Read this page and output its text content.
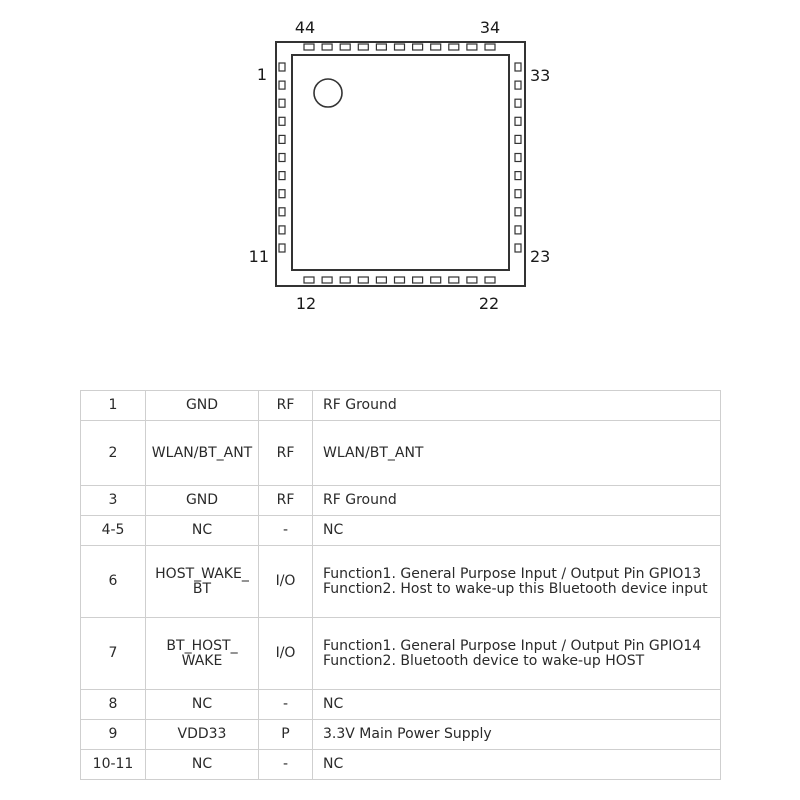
44	34
1
11
33
23
12	22
1	GND	RF	RF Ground

2	WLAN/BT_ANT	RF	WLAN/BT_ANT

3	GND	RF	RF Ground

4-5	NC	-	NC

6	HOST_WAKE_
BT	I/O	Function1. General Purpose Input / Output Pin GPIO13
Function2. Host to wake-up this Bluetooth device input

7	BT_HOST_
WAKE	I/O	Function1. General Purpose Input / Output Pin GPIO14
Function2. Bluetooth device to wake-up HOST

8	NC	-	NC

9	VDD33	P	3.3V Main Power Supply

10-11	NC	-	NC
